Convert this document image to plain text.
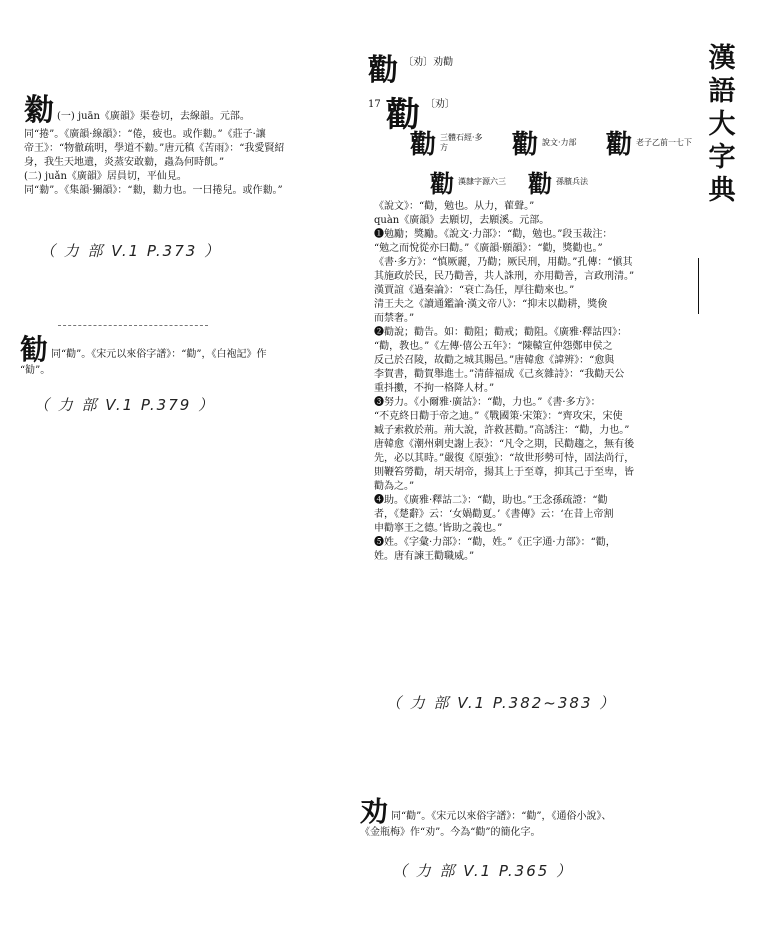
漢
語
大
字
典
勬 (一) juān《廣韻》渠卷切，去線韻。元部。
同“捲”。《廣韻·線韻》：“倦，疲也。或作勬。”《莊子·讓
帝王》：“物徹疏明，學道不勬。”唐元稹《苦雨》：“我愛賢紹
身，我生天地遺，炎蒸安敢勬，蟲為何時飢。”
(二) juǎn《廣韻》居員切，平仙見。
同“勬”。《集韻·獮韻》：“勬，勬力也。一曰捲兒。或作勬。”
（ 力 部 V.1 P.373 ）
勧 同“勸”。《宋元以來俗字譜》：“勸”，《白袍記》作
“勧”。
（ 力 部 V.1 P.379 ）
勸 $^{〔劝〕劝勸}$
$^{17}$ 勸 $^{〔劝〕}$
勸 三體石經·多方	勸 說文·力部 勸 老子乙前一七下
勸 漢隸字源六三 勸 孫臏兵法
《說文》：“勸，勉也。从力，雚聲。”
quàn《廣韻》去願切，去願溪。元部。
❶勉勵；獎勵。《說文·力部》：“勸，勉也。”段玉裁注：
“勉之而悅從亦曰勸。”《廣韻·願韻》：“勸，獎勸也。”
《書·多方》：“慎厥麗，乃勸；厥民刑，用勸。”孔傳：“愼其
其施政於民，民乃勸善，共人誅刑，亦用勸善，言政刑清。”
漢賈誼《過秦論》：“衰亡為任，厚往勸來也。”
清王夫之《讀通鑑論·漢文帝八》：“抑末以勸耕，獎倹
而禁奢。”
❷勸說；勸告。如：勸阻；勸戒；勸阻。《廣雅·釋詁四》：
“勸，教也。”《左傳·僖公五年》：“陳轅宣仲怨鄭申侯之
反己於召陵，故勸之城其賜邑。”唐韓愈《諱辨》：“愈與
李賀書，勸賀舉進士。”清薛福成《己亥雜詩》：“我勸天公
重抖擻，不拘一格降人材。”
❸努力。《小爾雅·廣詁》：“勸，力也。”《書·多方》：
“不克終日勸于帝之迪。”《戰國策·宋策》：“齊攻宋，宋使
臧子索救於荊。荊大說，許救甚勸。”高誘注：“勸，力也。”
唐韓愈《潮州刺史謝上表》：“凡令之期，民勸趨之，無有後
先，必以其時。”嚴復《原強》：“故世形勢可恃，固法尚行，
則鞭笞勞勸，胡天胡帝，揚其上于至尊，抑其己于至卑，皆
勸為之。”
❹助。《廣雅·釋詁二》：“勸，助也。”王念孫疏證：“勸
者，《楚辭》云：‘女媧勸夏。’《書傳》云：‘在昔上帝割
申勸寧王之德。’皆助之義也。”
❺姓。《字彙·力部》：“勸，姓。”《正字通·力部》：“勸，
姓。唐有諫王勸職威。”
（ 力 部 V.1 P.382~383 ）
劝 同“勸”。《宋元以來俗字譜》：“勸”，《通俗小說》、
《金瓶梅》作“劝”。今為“勸”的簡化字。
（ 力 部 V.1 P.365 ）
